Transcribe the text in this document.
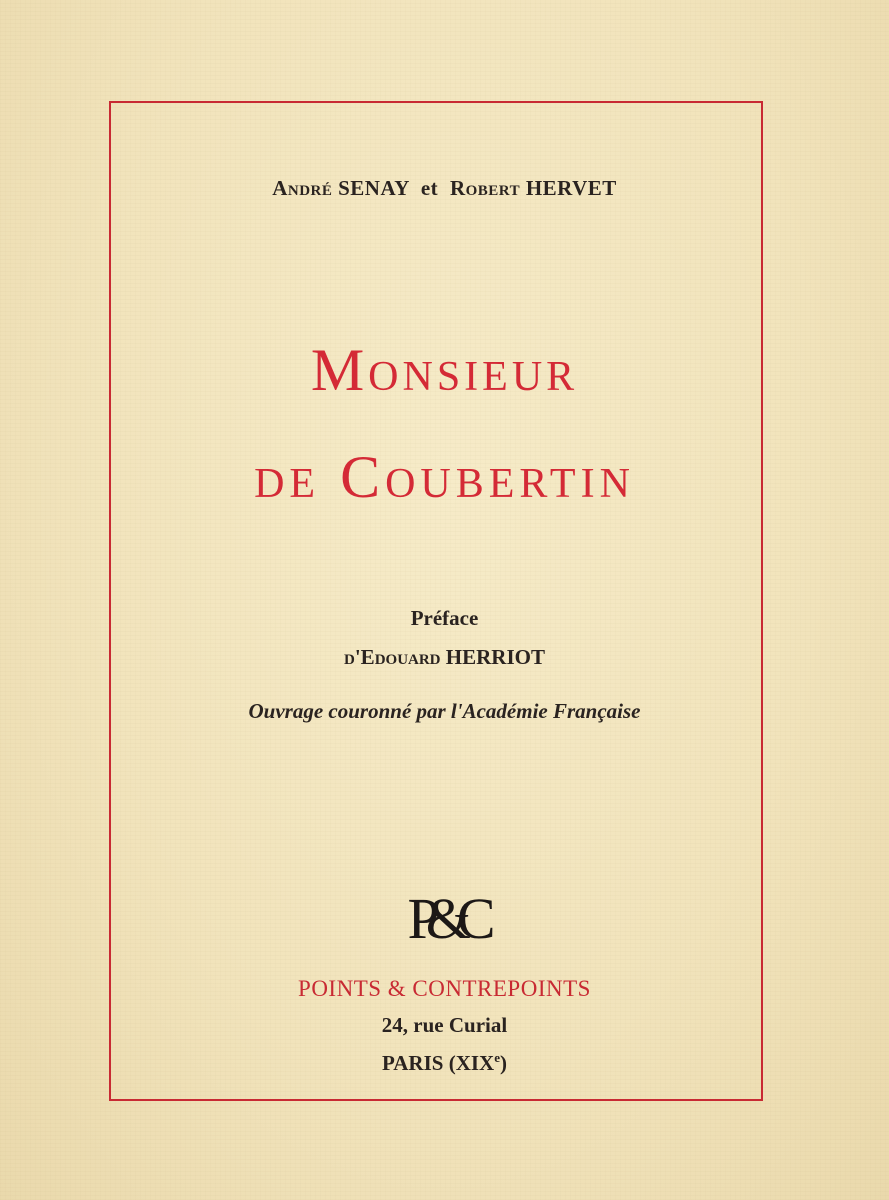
André SENAY et Robert HERVET
Monsieur
de Coubertin
Préface
d'Edouard HERRIOT
Ouvrage couronné par l'Académie Française
P&C
POINTS & CONTREPOINTS
24, rue Curial
PARIS (XIXe)
